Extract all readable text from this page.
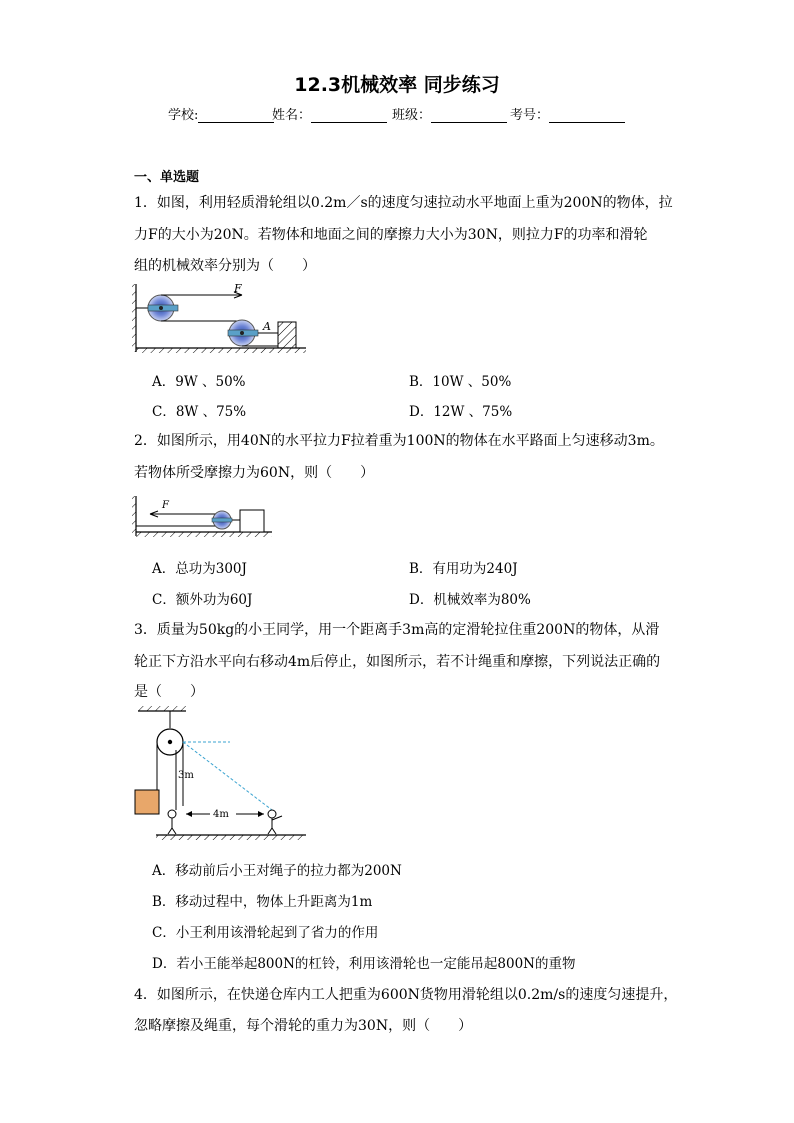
12.3机械效率 同步练习
学校:	姓名：	班级：	考号：
一、单选题
1．如图，利用轻质滑轮组以0.2m／s的速度匀速拉动水平地面上重为200N的物体，拉
力F的大小为20N。若物体和地面之间的摩擦力大小为30N，则拉力F的功率和滑轮
组的机械效率分别为（　　）
F
A
A．9W 、50%	B．10W 、50%
C．8W 、75%	D．12W 、75%
2．如图所示，用40N的水平拉力F拉着重为100N的物体在水平路面上匀速移动3m。
若物体所受摩擦力为60N，则（　　）
F
A．总功为300J	B．有用功为240J
C．额外功为60J	D．机械效率为80%
3．质量为50kg的小王同学，用一个距离手3m高的定滑轮拉住重200N的物体，从滑
轮正下方沿水平向右移动4m后停止，如图所示，若不计绳重和摩擦，下列说法正确的
是（　　）
3m
4m
A．移动前后小王对绳子的拉力都为200N
B．移动过程中，物体上升距离为1m
C．小王利用该滑轮起到了省力的作用
D．若小王能举起800N的杠铃，利用该滑轮也一定能吊起800N的重物
4．如图所示，在快递仓库内工人把重为600N货物用滑轮组以0.2m/s的速度匀速提升，
忽略摩擦及绳重，每个滑轮的重力为30N，则（　　）
